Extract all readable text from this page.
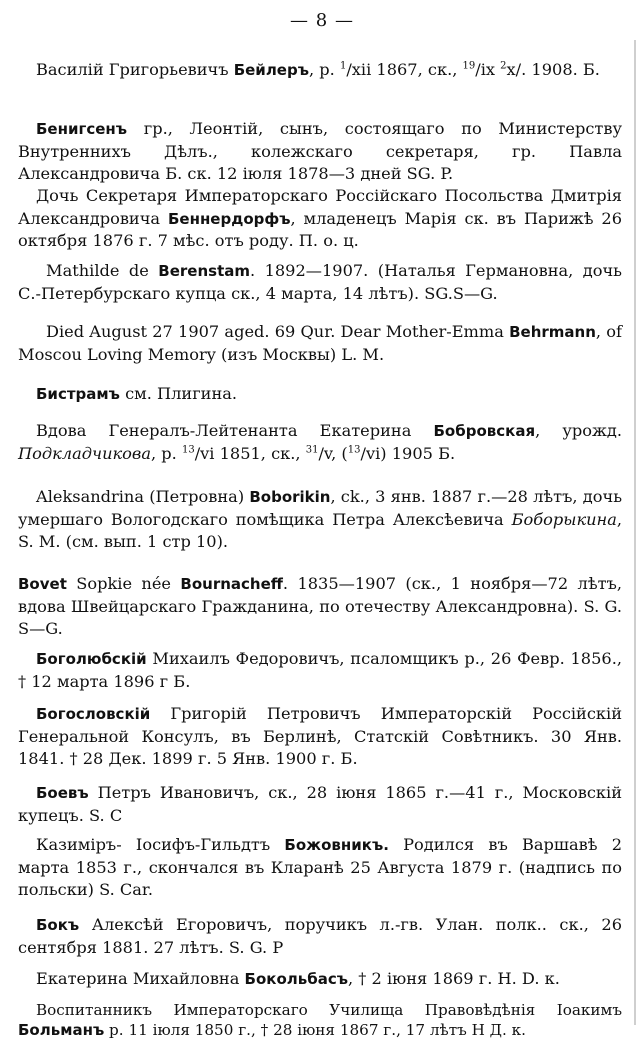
— 8 —
Василій Григорьевичъ Бейлеръ, р. $^1$/xii 1867, ск., $^{19}$/ix $^2$x/. 1908. Б.
Бенигсенъ гр., Леонтій, сынъ, состоящаго по Министерству Внутреннихъ Дѣлъ., колежскаго секретаря, гр. Павла Александровича Б. ск. 12 іюля 1878—3 дней SG. P.
Дочь Секретаря Императорскаго Россійскаго Посольства Дмитрія Александровича Беннердорфъ, младенецъ Марія ск. въ Парижѣ 26 октября 1876 г. 7 мѣс. отъ роду. П. о. ц.
Mathilde de Berenstam. 1892—1907. (Наталья Германовна, дочь С.-Петербурскаго купца ск., 4 марта, 14 лѣтъ). SG.S—G.
Died August 27 1907 aged. 69 Qur. Dear Mother-Emma Behrmann, of Moscou Loving Memory (изъ Москвы) L. M.
Бистрамъ см. Плигина.
Вдова Генералъ-Лейтенанта Екатерина Бобровская, урожд. Подкладчикова, р. $^{13}$/vi 1851, ск., $^{31}$/v, ($^{13}$/vi) 1905 Б.
Aleksandrina (Петровна) Boborikin, ck., 3 янв. 1887 г.—28 лѣтъ, дочь умершаго Вологодскаго помѣщика Петра Алексѣевича Боборыкина, S. M. (см. вып. 1 стр 10).
Bovet Sopkie née Bournacheff. 1835—1907 (ск., 1 ноября—72 лѣтъ, вдова Швейцарскаго Гражданина, по отечеству Александровна). S. G. S—G.
Боголюбскій Михаилъ Федоровичъ, псаломщикъ р., 26 Февр. 1856., † 12 марта 1896 г Б.
Богословскій Григорій Петровичъ Императорскій Россійскій Генеральной Консулъ, въ Берлинѣ, Статскій Совѣтникъ. 30 Янв. 1841. † 28 Дек. 1899 г. 5 Янв. 1900 г. Б.
Боевъ Петръ Ивановичъ, ск., 28 іюня 1865 г.—41 г., Московскій купецъ. S. C
Казиміръ- Іосифъ-Гильдтъ Божовникъ. Родился въ Варшавѣ 2 марта 1853 г., скончался въ Кларанѣ 25 Августа 1879 г. (надпись по польски) S. Car.
Бокъ Алексѣй Егоровичъ, поручикъ л.-гв. Улан. полк.. ск., 26 сентября 1881. 27 лѣтъ. S. G. P
Екатерина Михайловна Бокольбасъ, † 2 іюня 1869 г. Н. D. к.
Воспитанникъ Императорскаго Училища Правовѣдѣнія Іоакимъ Больманъ р. 11 іюля 1850 г., † 28 іюня 1867 г., 17 лѣтъ Н Д. к.
